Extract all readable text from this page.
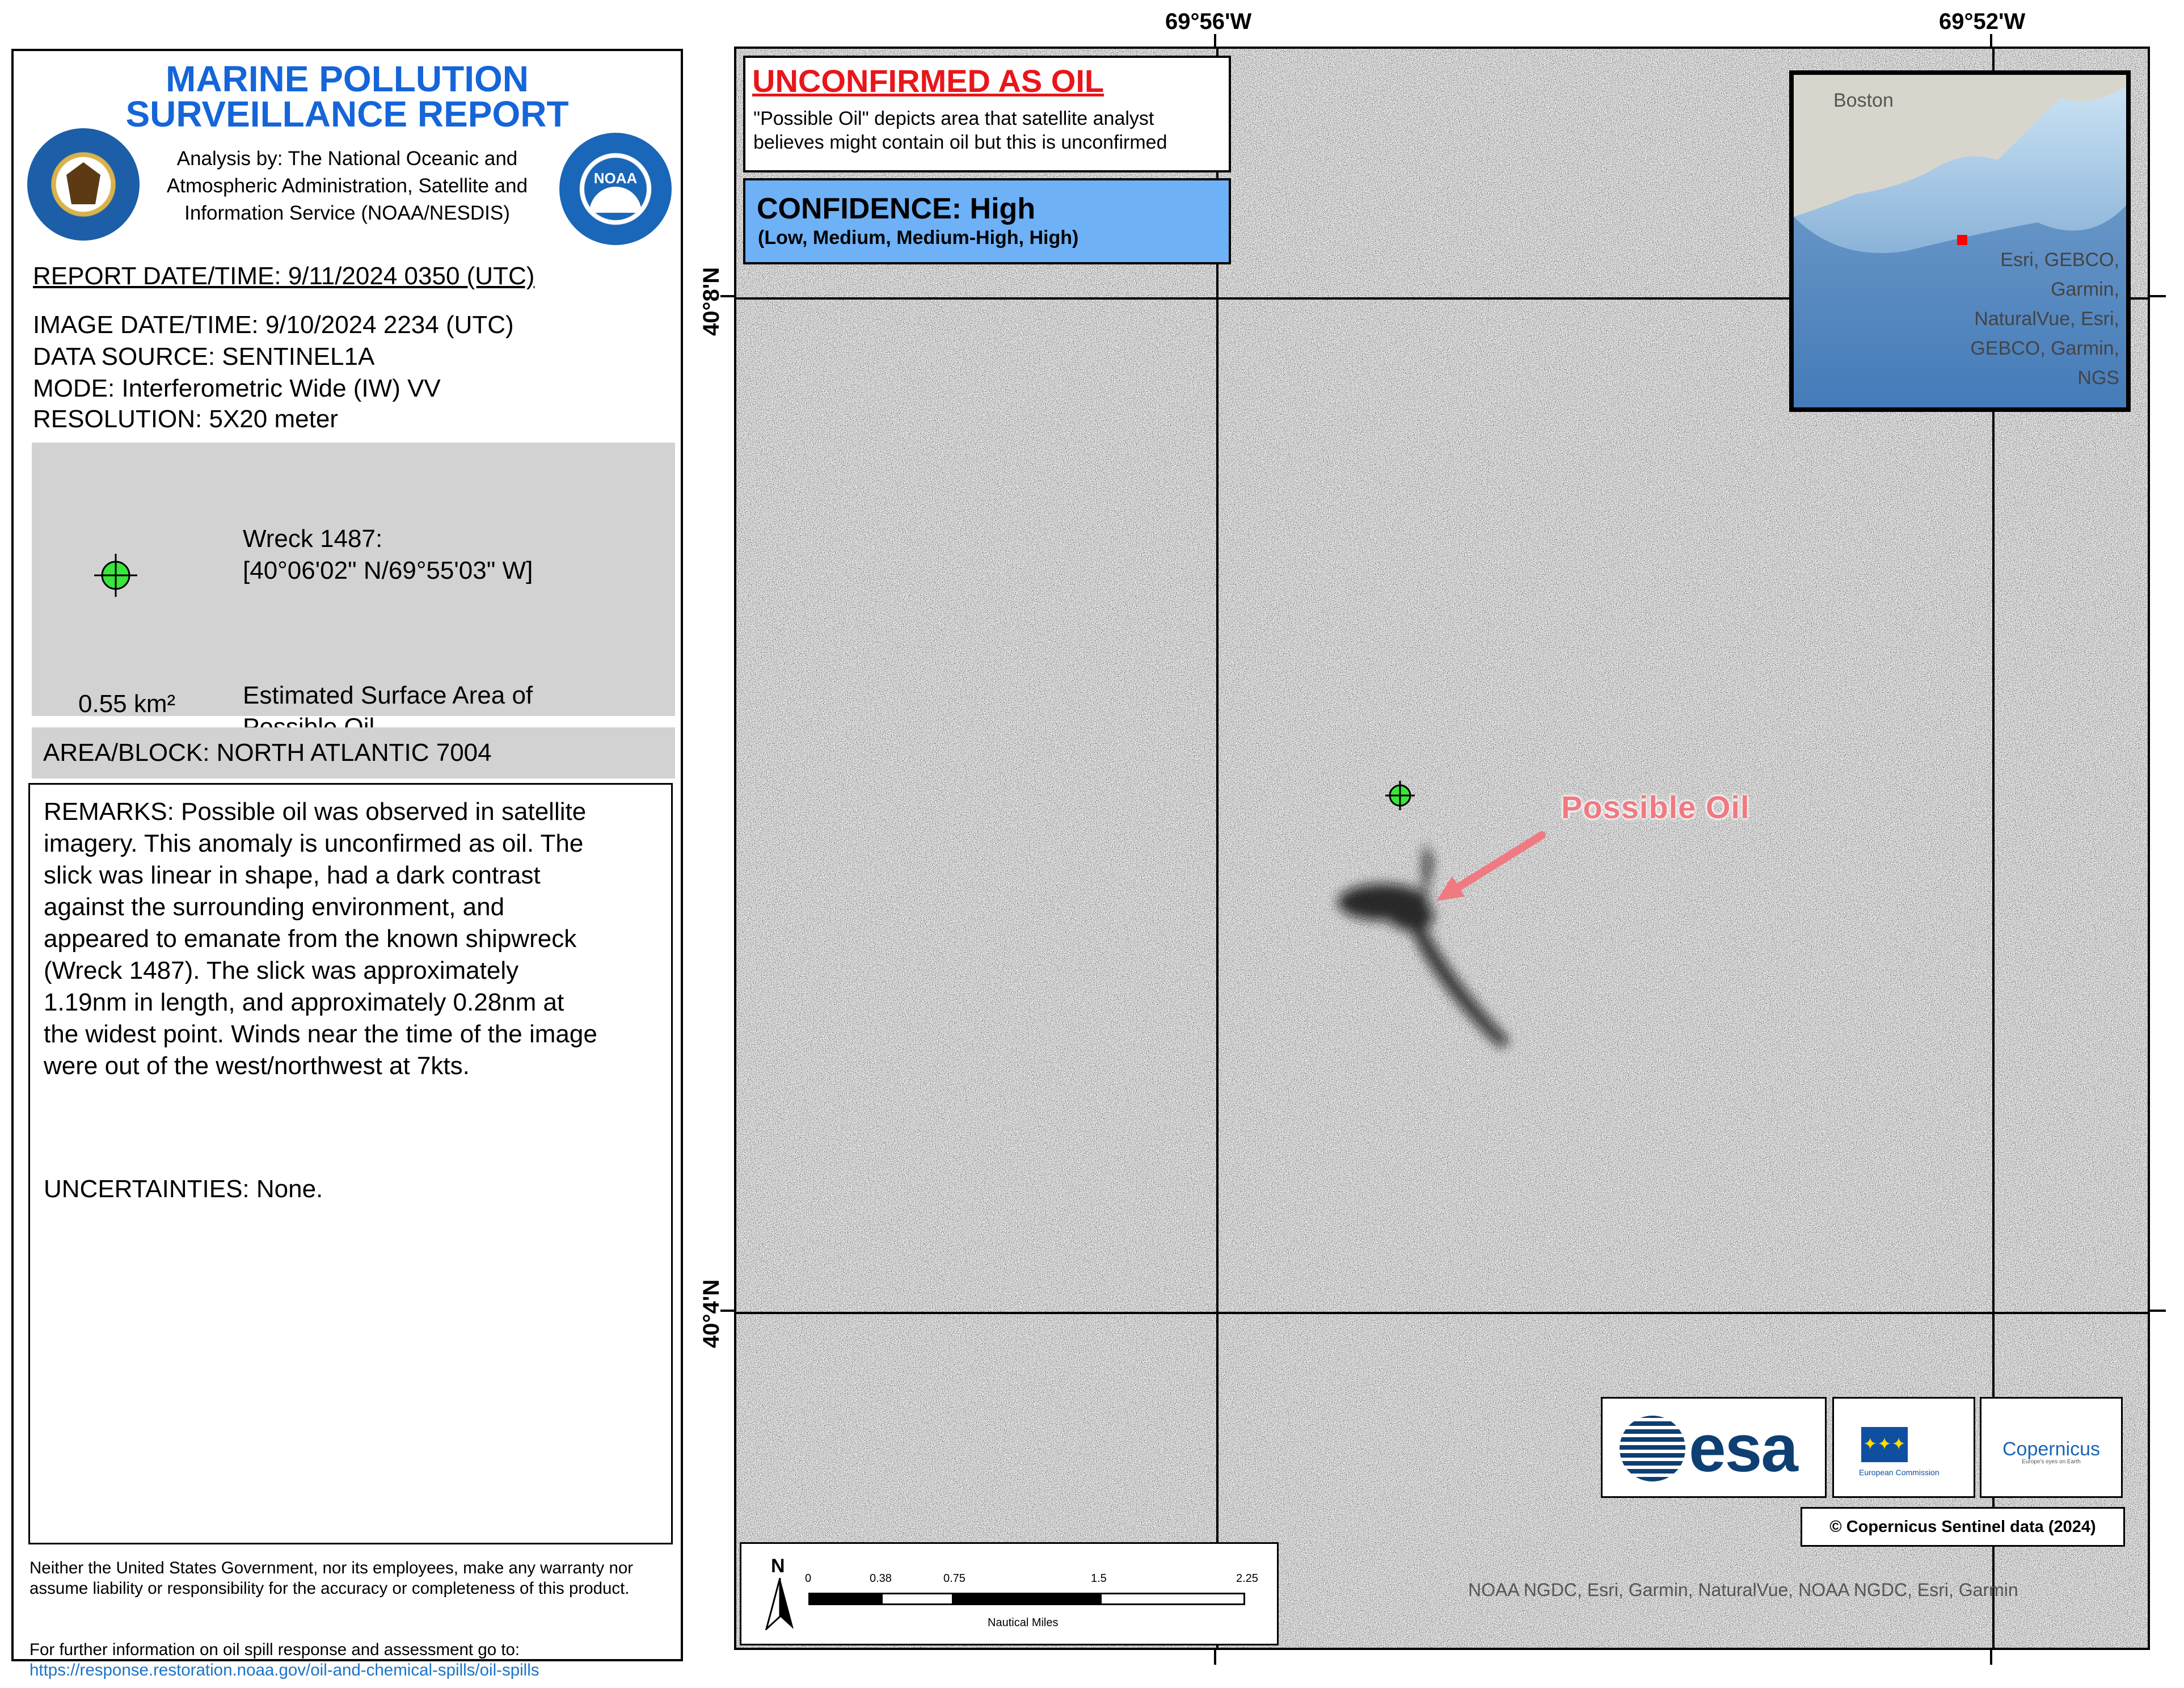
MARINE POLLUTION
SURVEILLANCE REPORT
Analysis by: The National Oceanic and Atmospheric Administration, Satellite and Information Service (NOAA/NESDIS)
NOAA
REPORT DATE/TIME: 9/11/2024 0350 (UTC)
IMAGE DATE/TIME: 9/10/2024 2234 (UTC)
DATA SOURCE: SENTINEL1A
MODE: Interferometric Wide (IW) VV
RESOLUTION: 5X20 meter
Wreck 1487:
[40°06'02" N/69°55'03" W]
0.55 km²	Estimated Surface Area of
AREA/BLOCK: NORTH ATLANTIC 7004
REMARKS: Possible oil was observed in satellite
imagery. This anomaly is unconfirmed as oil. The
slick was linear in shape, had a dark contrast
against the surrounding environment, and
appeared to emanate from the known shipwreck
(Wreck 1487). The slick was approximately
1.19nm in length, and approximately 0.28nm at
the widest point. Winds near the time of the image
were out of the west/northwest at 7kts.
UNCERTAINTIES: None.
Neither the United States Government, nor its employees, make any warranty nor assume liability or responsibility for the accuracy or completeness of this product.
For further information on oil spill response and assessment go to: https://response.restoration.noaa.gov/oil-and-chemical-spills/oil-spills
69°56'W	69°52'W
40°8'N
40°4'N
UNCONFIRMED AS OIL
"Possible Oil" depicts area that satellite analyst believes might contain oil but this is unconfirmed
CONFIDENCE: High
(Low, Medium, Medium-High, High)
Boston
Esri, GEBCO, Garmin, NaturalVue, Esri, GEBCO, Garmin, NGS
Possible Oil
esa	✦✦✦
European Commission
Copernicus
Europe's eyes on Earth
© Copernicus Sentinel data (2024)
NOAA NGDC, Esri, Garmin, NaturalVue, NOAA NGDC, Esri, Garmin
N
0	0.38	0.75	1.5	2.25
Nautical Miles
